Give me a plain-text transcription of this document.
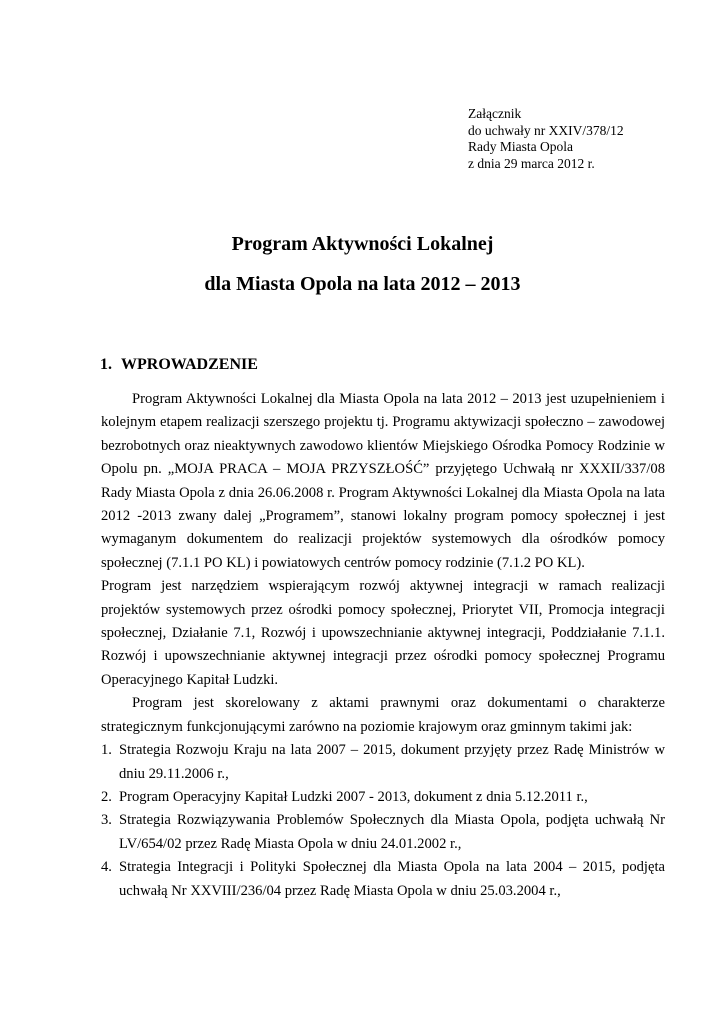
Załącznik
do uchwały nr XXIV/378/12
Rady Miasta Opola
z dnia 29 marca 2012 r.
Program Aktywności Lokalnej
dla Miasta Opola na lata 2012 – 2013
1. WPROWADZENIE

Program Aktywności Lokalnej dla Miasta Opola na lata 2012 – 2013 jest uzupełnieniem i kolejnym etapem realizacji szerszego projektu tj. Programu aktywizacji społeczno – zawodowej bezrobotnych oraz nieaktywnych zawodowo klientów Miejskiego Ośrodka Pomocy Rodzinie w Opolu pn. „MOJA PRACA – MOJA PRZYSZŁOŚĆ” przyjętego Uchwałą nr XXXII/337/08 Rady Miasta Opola z dnia 26.06.2008 r. Program Aktywności Lokalnej dla Miasta Opola na lata 2012 -2013 zwany dalej „Programem”, stanowi lokalny program pomocy społecznej i jest wymaganym dokumentem do realizacji projektów systemowych dla ośrodków pomocy społecznej (7.1.1 PO KL) i powiatowych centrów pomocy rodzinie (7.1.2 PO KL).

Program jest narzędziem wspierającym rozwój aktywnej integracji w ramach realizacji projektów systemowych przez ośrodki pomocy społecznej, Priorytet VII, Promocja integracji społecznej, Działanie 7.1, Rozwój i upowszechnianie aktywnej integracji, Poddziałanie 7.1.1. Rozwój i upowszechnianie aktywnej integracji przez ośrodki pomocy społecznej Programu Operacyjnego Kapitał Ludzki.

Program jest skorelowany z aktami prawnymi oraz dokumentami o charakterze strategicznym funkcjonującymi zarówno na poziomie krajowym oraz gminnym takimi jak:

1. Strategia Rozwoju Kraju na lata 2007 – 2015, dokument przyjęty przez Radę Ministrów w dniu 29.11.2006 r.,
2. Program Operacyjny Kapitał Ludzki 2007 - 2013, dokument z dnia 5.12.2011 r.,
3. Strategia Rozwiązywania Problemów Społecznych dla Miasta Opola, podjęta uchwałą Nr LV/654/02 przez Radę Miasta Opola w dniu 24.01.2002 r.,
4. Strategia Integracji i Polityki Społecznej dla Miasta Opola na lata 2004 – 2015, podjęta uchwałą Nr XXVIII/236/04 przez Radę Miasta Opola w dniu 25.03.2004 r.,
